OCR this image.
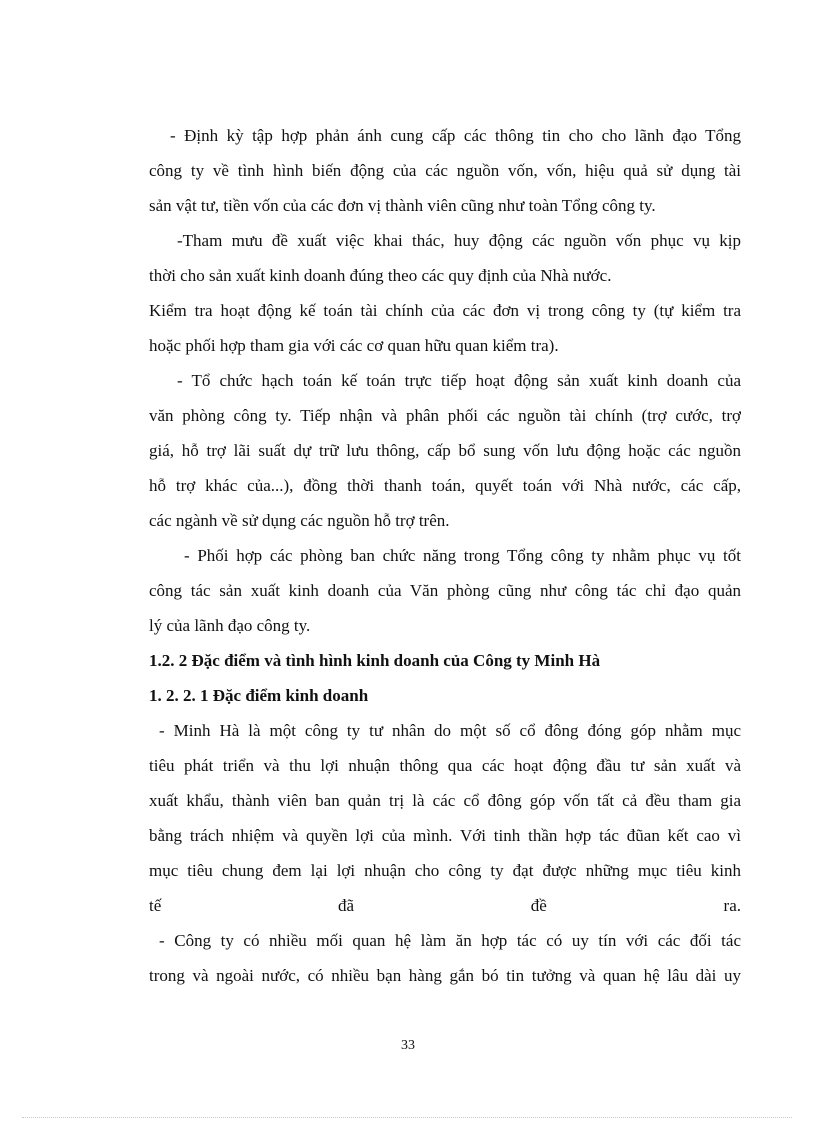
- Định kỳ tập hợp phản ánh cung cấp các thông tin cho cho lãnh đạo Tổng
công ty về tình hình biến động của các nguồn vốn, vốn, hiệu quả sử dụng tài
sản vật tư, tiền vốn của các đơn vị thành viên cũng như toàn Tổng công ty.
-Tham mưu đề xuất việc khai thác, huy động các nguồn vốn phục vụ kịp
thời cho sản xuất kinh doanh đúng theo các quy định của Nhà nước.
Kiểm tra hoạt động kế toán tài chính của các đơn vị trong công ty (tự kiểm tra
hoặc phối hợp tham gia với các cơ quan hữu quan kiểm tra).
- Tổ chức hạch toán kế toán trực tiếp hoạt động sản xuất kinh doanh của
văn phòng công ty. Tiếp nhận và phân phối các nguồn tài chính (trợ cước, trợ
giá, hỗ trợ lãi suất dự trữ lưu thông, cấp bổ sung vốn lưu động hoặc các nguồn
hỗ trợ khác của...), đồng thời thanh toán, quyết toán với Nhà nước, các cấp,
các ngành về sử dụng các nguồn hỗ trợ trên.
- Phối hợp các phòng ban chức năng trong Tổng công ty nhằm phục vụ tốt
công tác sản xuất kinh doanh của Văn phòng cũng như công tác chỉ đạo quản
lý của lãnh đạo công ty.
1.2. 2 Đặc điểm và tình hình kinh doanh của Công ty Minh Hà
1. 2. 2. 1 Đặc điểm kinh doanh
- Minh Hà là một công ty tư nhân do một số cổ đông đóng góp nhằm mục
tiêu phát triển và thu lợi nhuận thông qua các hoạt động đầu tư sản xuất và
xuất khẩu, thành viên ban quản trị là các cổ đông góp vốn tất cả đều tham gia
bằng trách nhiệm và quyền lợi của mình. Với tinh thần hợp tác đũan kết cao vì
mục tiêu chung đem lại lợi nhuận cho công ty đạt được những mục tiêu kinh
tế đã đề ra.
- Công ty có nhiều mối quan hệ làm ăn hợp tác có uy tín với các đối tác
trong và ngoài nước, có nhiều bạn hàng gắn bó tin tưởng và quan hệ lâu dài uy
33
